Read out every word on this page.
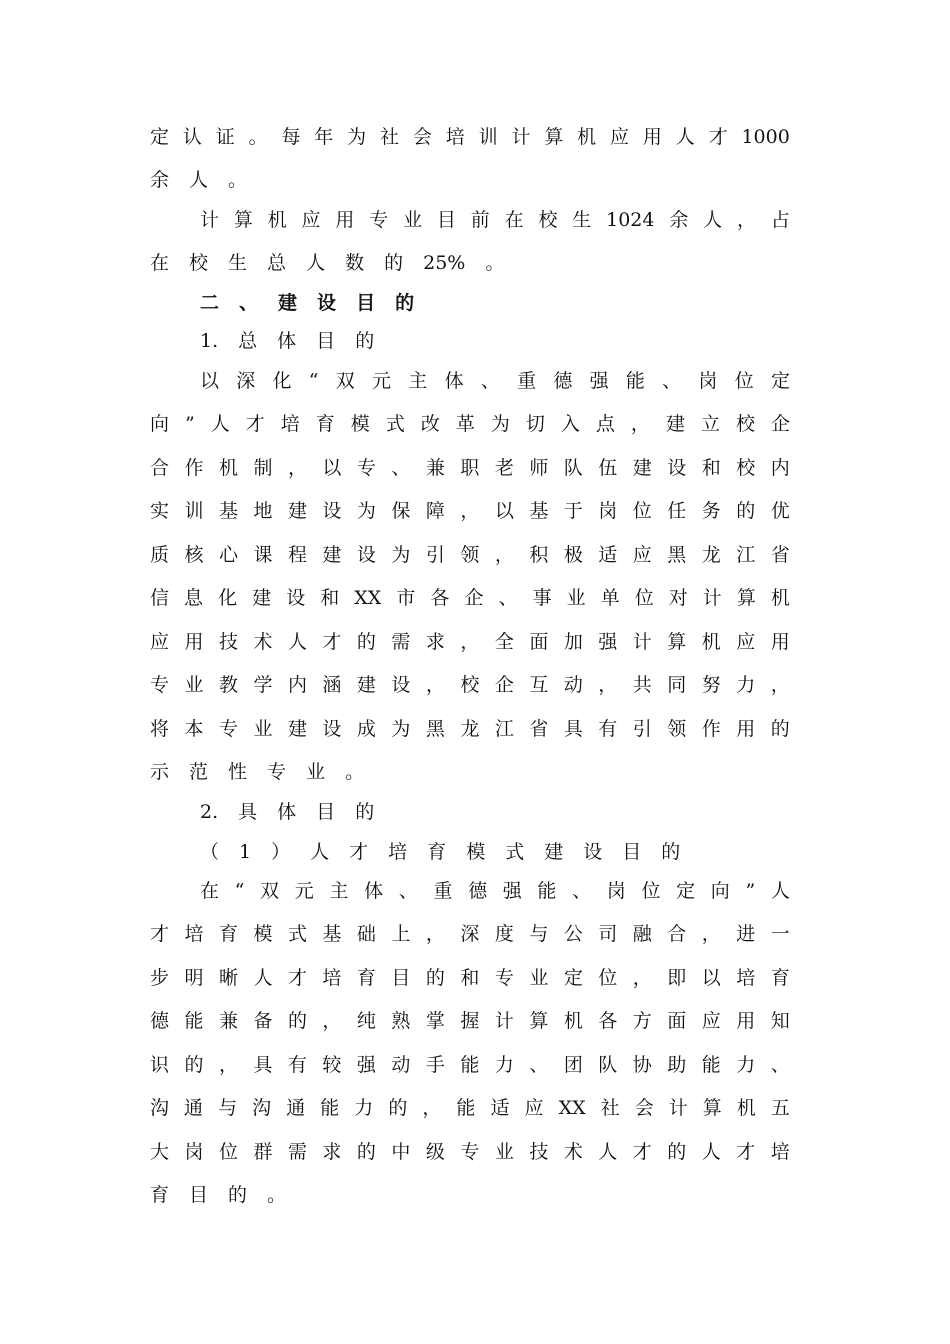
定 认 证 。 每 年 为 社 会 培 训 计 算 机 应 用 人 才 1000
余 人 。
计 算 机 应 用 专 业 目 前 在 校 生 1024 余 人 ， 占
在 校 生 总 人 数 的 25% 。
二 、 建 设 目 的
1. 总 体 目 的
以 深 化 “ 双 元 主 体 、 重 德 强 能 、 岗 位 定
向 ” 人 才 培 育 模 式 改 革 为 切 入 点 ， 建 立 校 企
合 作 机 制 ， 以 专 、 兼 职 老 师 队 伍 建 设 和 校 内
实 训 基 地 建 设 为 保 障 ， 以 基 于 岗 位 任 务 的 优
质 核 心 课 程 建 设 为 引 领 ， 积 极 适 应 黑 龙 江 省
信 息 化 建 设 和 XX 市 各 企 、 事 业 单 位 对 计 算 机
应 用 技 术 人 才 的 需 求 ， 全 面 加 强 计 算 机 应 用
专 业 教 学 内 涵 建 设 ， 校 企 互 动 ， 共 同 努 力 ，
将 本 专 业 建 设 成 为 黑 龙 江 省 具 有 引 领 作 用 的
示 范 性 专 业 。
2. 具 体 目 的
（ 1 ） 人 才 培 育 模 式 建 设 目 的
在 “ 双 元 主 体 、 重 德 强 能 、 岗 位 定 向 ” 人
才 培 育 模 式 基 础 上 ， 深 度 与 公 司 融 合 ， 进 一
步 明 晰 人 才 培 育 目 的 和 专 业 定 位 ， 即 以 培 育
德 能 兼 备 的 ， 纯 熟 掌 握 计 算 机 各 方 面 应 用 知
识 的 ， 具 有 较 强 动 手 能 力 、 团 队 协 助 能 力 、
沟 通 与 沟 通 能 力 的 ， 能 适 应 XX 社 会 计 算 机 五
大 岗 位 群 需 求 的 中 级 专 业 技 术 人 才 的 人 才 培
育 目 的 。
